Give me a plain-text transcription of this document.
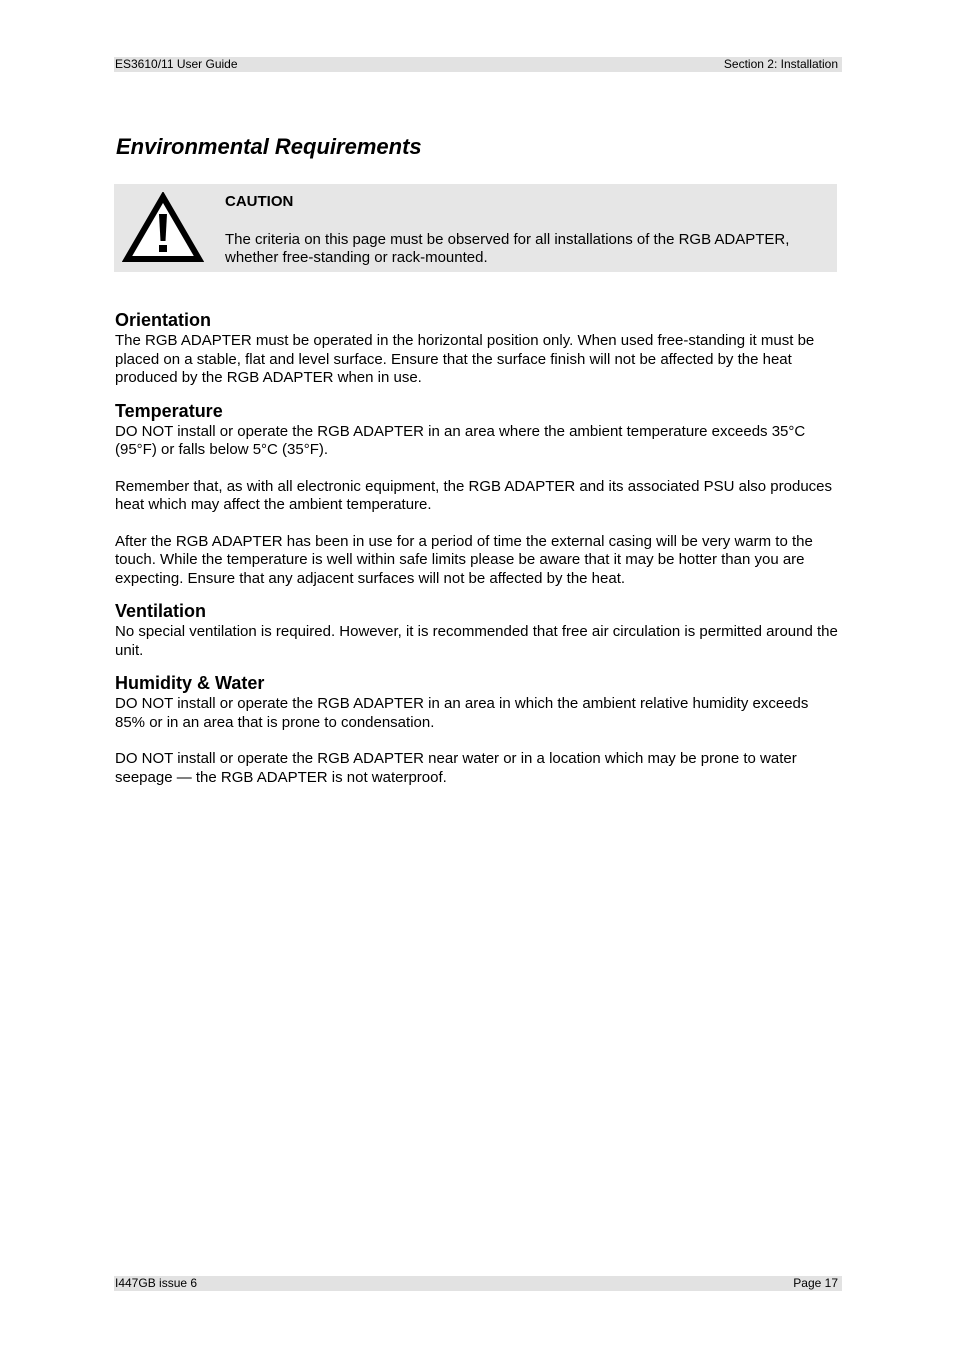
ES3610/11 User Guide	Section 2: Installation
Environmental Requirements
CAUTION
The criteria on this page must be observed for all installations of the RGB ADAPTER, whether free-standing or rack-mounted.
Orientation

The RGB ADAPTER must be operated in the horizontal position only. When used free-standing it must be placed on a stable, flat and level surface. Ensure that the surface finish will not be affected by the heat produced by the RGB ADAPTER when in use.

Temperature

DO NOT install or operate the RGB ADAPTER in an area where the ambient temperature exceeds 35°C (95°F) or falls below 5°C (35°F).

Remember that, as with all electronic equipment, the RGB ADAPTER and its associated PSU also produces heat which may affect the ambient temperature.

After the RGB ADAPTER has been in use for a period of time the external casing will be very warm to the touch. While the temperature is well within safe limits please be aware that it may be hotter than you are expecting. Ensure that any adjacent surfaces will not be affected by the heat.

Ventilation

No special ventilation is required. However, it is recommended that free air circulation is permitted around the unit.

Humidity & Water

DO NOT install or operate the RGB ADAPTER in an area in which the ambient relative humidity exceeds 85% or in an area that is prone to condensation.

DO NOT install or operate the RGB ADAPTER near water or in a location which may be prone to water seepage — the RGB ADAPTER is not waterproof.

I447GB issue 6	Page 17
